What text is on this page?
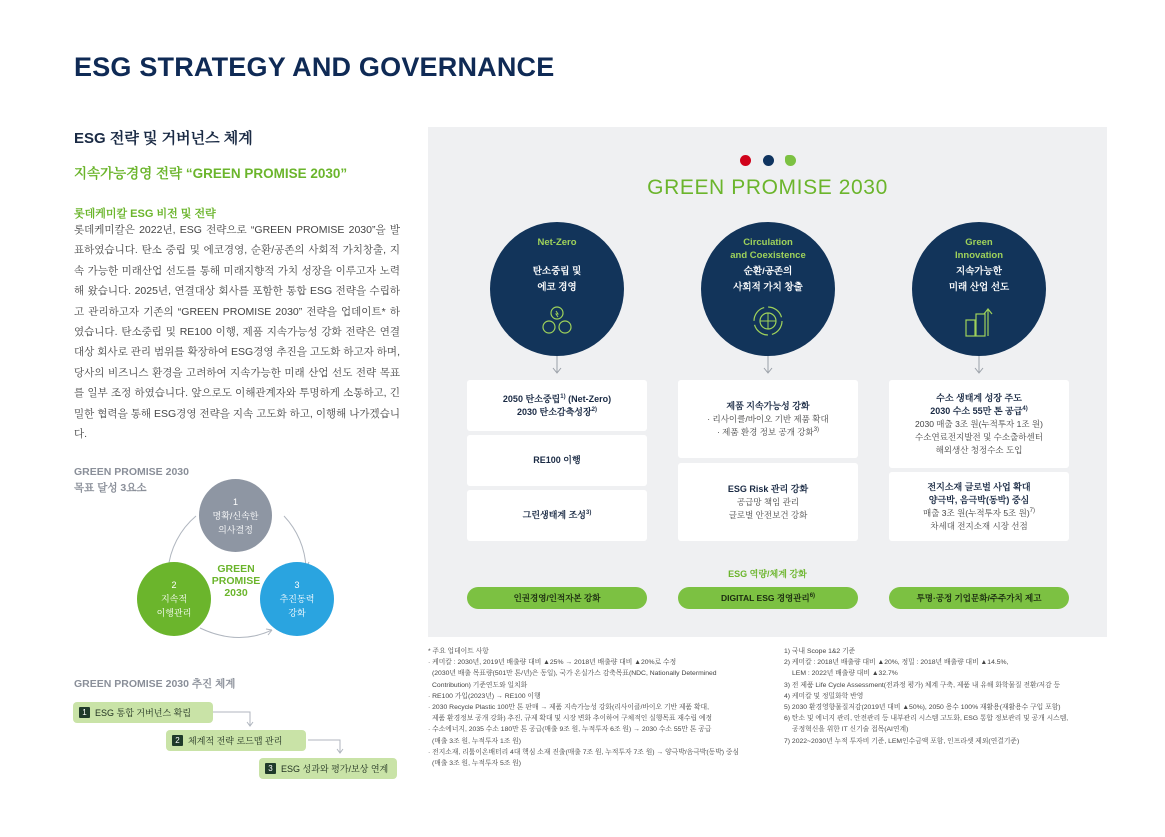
ESG STRATEGY AND GOVERNANCE
ESG 전략 및 거버넌스 체계
지속가능경영 전략 “GREEN PROMISE 2030”
롯데케미칼 ESG 비전 및 전략
롯데케미칼은 2022년, ESG 전략으로 “GREEN PROMISE 2030”을 발표하였습니다. 탄소 중립 및 에코경영, 순환/공존의 사회적 가치창출, 지속 가능한 미래산업 선도를 통해 미래지향적 가치 성장을 이루고자 노력해 왔습니다. 2025년, 연결대상 회사를 포함한 통합 ESG 전략을 수립하고 관리하고자 기존의 “GREEN PROMISE 2030” 전략을 업데이트* 하였습니다. 탄소중립 및 RE100 이행, 제품 지속가능성 강화 전략은 연결대상 회사로 관리 범위를 확장하여 ESG경영 추진을 고도화 하고자 하며, 당사의 비즈니스 환경을 고려하여 지속가능한 미래 산업 선도 전략 목표를 일부 조정 하였습니다. 앞으로도 이해관계자와 투명하게 소통하고, 긴밀한 협력을 통해 ESG경영 전략을 지속 고도화 하고, 이행해 나가겠습니다.
GREEN PROMISE 2030
목표 달성 3요소
1
명확/신속한
의사결정
2
지속적
이행관리
3
추진동력
강화
GREEN
PROMISE
2030
GREEN PROMISE 2030 추진 체계
1 ESG 통합 거버넌스 확립
2 체계적 전략 로드맵 관리
3 ESG 성과와 평가/보상 연계
GREEN PROMISE 2030
Net-Zero
탄소중립 및
에코 경영
Circulation
and Coexistence
순환/공존의
사회적 가치 창출
Green
Innovation
지속가능한
미래 산업 선도
2050 탄소중립$^{1)}$ (Net-Zero)
2030 탄소감축성장$^{2)}$
RE100 이행
그린생태계 조성$^{3)}$
제품 지속가능성 강화
· 리사이클/바이오 기반 제품 확대
· 제품 환경 정보 공개 강화$^{3)}$
ESG Risk 관리 강화
공급망 책임 관리
글로벌 안전보건 강화
수소 생태계 성장 주도
2030 수소 55만 톤 공급$^{4)}$
2030 매출 3조 원(누적투자 1조 원)
수소연료전지발전 및 수소출하센터
해외생산 청정수소 도입
전지소재 글로벌 사업 확대
양극박, 음극박(동박) 중심
매출 3조 원(누적투자 5조 원)$^{7)}$
차세대 전지소재 시장 선점
ESG 역량/체계 강화
인권경영/인적자본 강화	DIGITAL ESG 경영관리$^{6)}$	투명·공정 기업문화/주주가치 제고
* 주요 업데이트 사항
· 케미칼 : 2030년, 2019년 배출량 대비 ▲25% → 2018년 배출량 대비 ▲20%로 수정
(2030년 배출 목표량(501만 톤/년)은 동일), 국가 온실가스 감축목표(NDC, Nationally Determined
Contribution) 기준연도와 일치화
· RE100 가입(2023년) → RE100 이행
· 2030 Recycle Plastic 100만 톤 판매 → 제품 지속가능성 강화(리사이클/바이오 기반 제품 확대,
제품 환경정보 공개 강화) 추진, 규제 확대 및 시장 변화 추이하여 구체적인 실행목표 재수립 예정
· 수소에너지, 2035 수소 180만 톤 공급(매출 9조 원, 누적투자 6조 원) → 2030 수소 55만 톤 공급
(매출 3조 원, 누적투자 1조 원)
· 전지소재, 리튬이온배터리 4대 핵심 소재 진출(매출 7조 원, 누적투자 7조 원) → 양극박/음극박(동박) 중심
(매출 3조 원, 누적투자 5조 원)
1) 국내 Scope 1&2 기준
2) 케미칼 : 2018년 배출량 대비 ▲20%, 정밀 : 2018년 배출량 대비 ▲14.5%,
LEM : 2022년 배출량 대비 ▲32.7%
3) 전 제품 Life Cycle Assessment(전과정 평가) 체계 구축, 제품 내 유해 화학물질 전환/저감 등
4) 케미칼 및 정밀화학 반영
5) 2030 환경영향물질저감(2019년 대비 ▲50%), 2050 용수 100% 재활용(재활용수 구입 포함)
6) 탄소 및 에너지 관리, 안전관리 등 내부관리 시스템 고도화, ESG 통합 정보관리 및 공개 시스템,
공정혁신을 위한 IT 신기술 접목(AI연계)
7) 2022~2030년 누적 투자비 기준, LEM인수금액 포함, 인프라셋 제외(연결기준)
